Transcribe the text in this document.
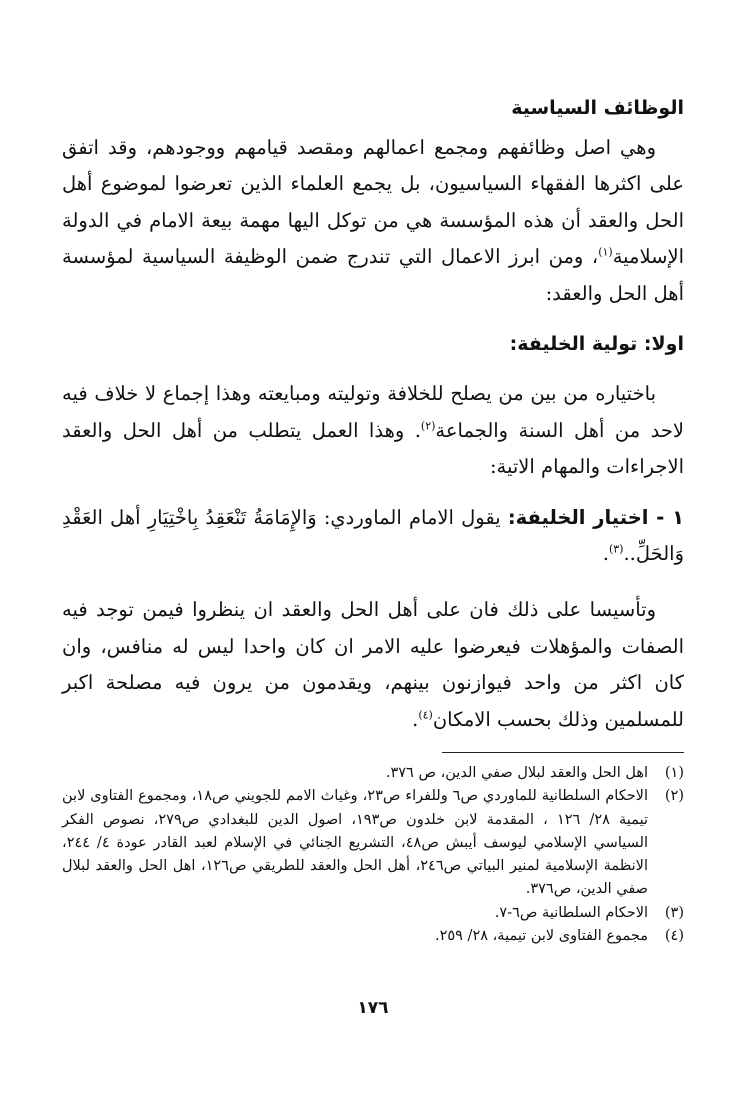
الوظائف السياسية

وهي اصل وظائفهم ومجمع اعمالهم ومقصد قيامهم ووجودهم، وقد اتفق على اكثرها الفقهاء السياسيون، بل يجمع العلماء الذين تعرضوا لموضوع أهل الحل والعقد أن هذه المؤسسة هي من توكل اليها مهمة بيعة الامام في الدولة الإسلامية$^{(١)}$، ومن ابرز الاعمال التي تندرج ضمن الوظيفة السياسية لمؤسسة أهل الحل والعقد:

اولا: تولية الخليفة:

باختياره من بين من يصلح للخلافة وتوليته ومبايعته وهذا إجماع لا خلاف فيه لاحد من أهل السنة والجماعة$^{(٢)}$. وهذا العمل يتطلب من أهل الحل والعقد الاجراءات والمهام الاتية:

١ - اختيار الخليفة: يقول الامام الماوردي: وَالإِمَامَةُ تَنْعَقِدُ بِاخْتِيَارِ أهل العَقْدِ وَالحَلِّ..$^{(٣)}$.

وتأسيسا على ذلك فان على أهل الحل والعقد ان ينظروا فيمن توجد فيه الصفات والمؤهلات فيعرضوا عليه الامر ان كان واحدا ليس له منافس، وان كان اكثر من واحد فيوازنون بينهم، ويقدمون من يرون فيه مصلحة اكبر للمسلمين وذلك بحسب الامكان$^{(٤)}$.

(١)
اهل الحل والعقد لبلال صفي الدين، ص ٣٧٦.
(٢)
الاحكام السلطانية للماوردي ص٦ وللفراء ص٢٣، وغياث الامم للجويني ص١٨، ومجموع الفتاوى لابن تيمية ٢٨/ ١٢٦ ، المقدمة لابن خلدون ص١٩٣، اصول الدين للبغدادي ص٢٧٩، نصوص الفكر السياسي الإسلامي ليوسف أيبش ص٤٨، التشريع الجنائي في الإسلام لعبد القادر عودة ٤/ ٢٤٤، الانظمة الإسلامية لمنير البياتي ص٢٤٦، أهل الحل والعقد للطريقي ص١٢٦، اهل الحل والعقد لبلال صفي الدين، ص٣٧٦.
(٣)
الاحكام السلطانية ص٦-٧.
(٤)
مجموع الفتاوى لابن تيمية، ٢٨/ ٢٥٩.
١٧٦
